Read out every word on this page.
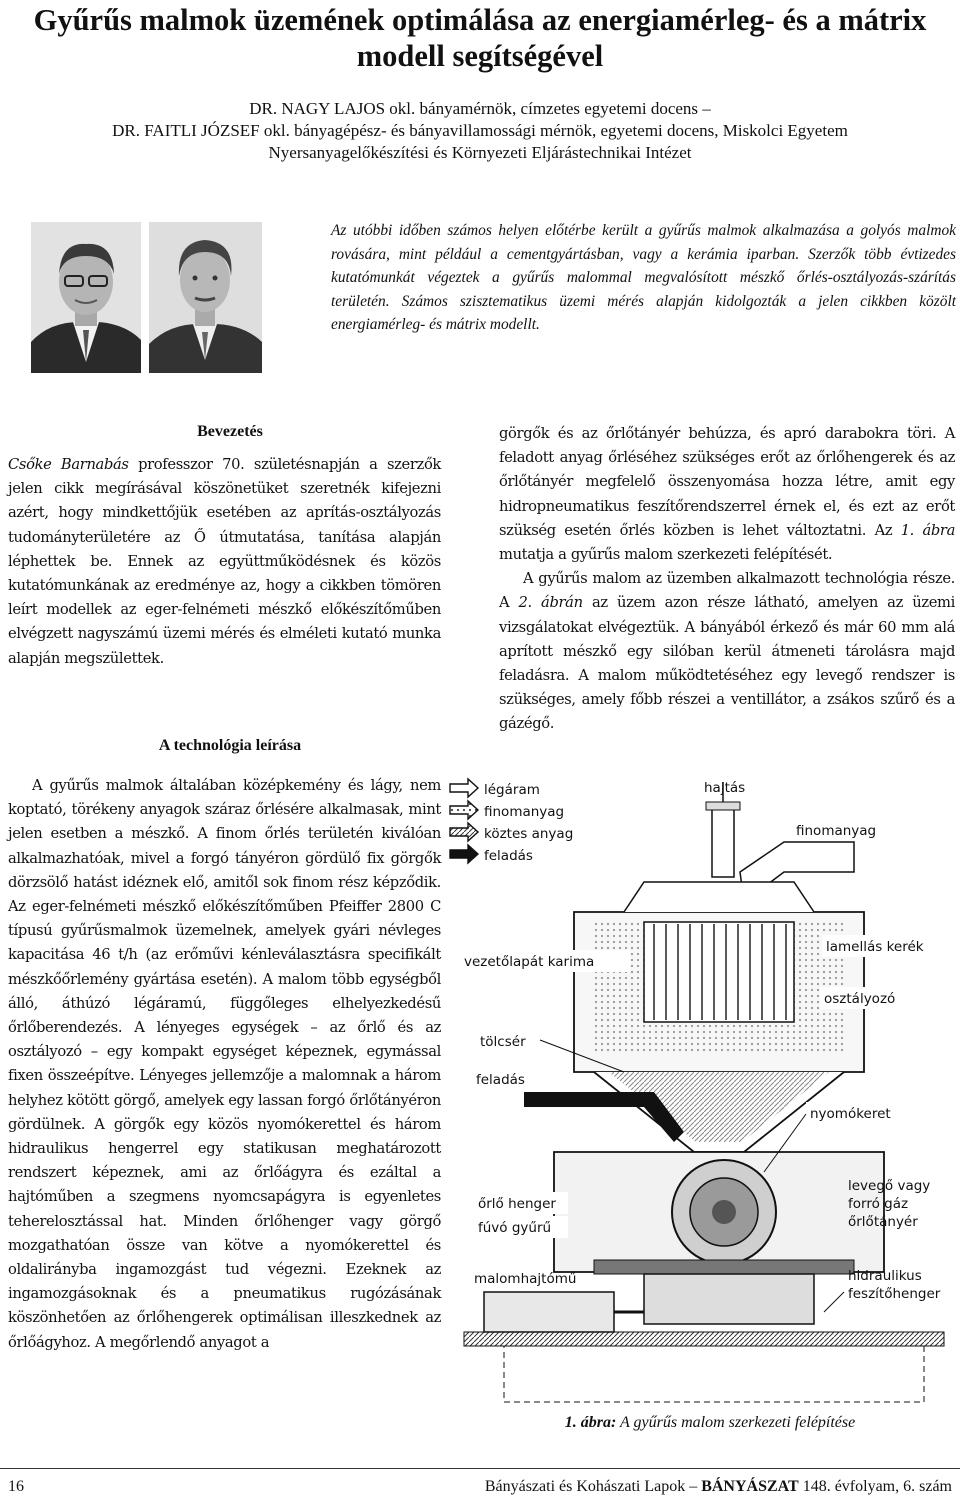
Gyűrűs malmok üzemének optimálása az energiamérleg- és a mátrix modell segítségével
DR. NAGY LAJOS okl. bányamérnök, címzetes egyetemi docens –
DR. FAITLI JÓZSEF okl. bányagépész- és bányavillamossági mérnök, egyetemi docens, Miskolci Egyetem
Nyersanyagelőkészítési és Környezeti Eljárástechnikai Intézet
Az utóbbi időben számos helyen előtérbe került a gyűrűs malmok alkalmazása a golyós malmok rovására, mint például a cementgyártásban, vagy a kerámia iparban. Szerzők több évtizedes kutatómunkát végeztek a gyűrűs malommal megvalósított mészkő őrlés-osztályozás-szárítás területén. Számos szisztematikus üzemi mérés alapján kidolgozták a jelen cikkben közölt energiamérleg- és mátrix modellt.
Bevezetés

Csőke Barnabás professzor 70. születésnapján a szerzők jelen cikk megírásával köszönetüket szeretnék kifejezni azért, hogy mindkettőjük esetében az aprítás-osztályozás tudományterületére az Ő útmutatása, tanítása alapján léphettek be. Ennek az együttműködésnek és közös kutatómunkának az eredménye az, hogy a cikkben tömören leírt modellek az eger-felnémeti mészkő előkészítőműben elvégzett nagyszámú üzemi mérés és elméleti kutató munka alapján megszülettek.

A technológia leírása

A gyűrűs malmok általában középkemény és lágy, nem koptató, törékeny anyagok száraz őrlésére alkalmasak, mint jelen esetben a mészkő. A finom őrlés területén kiválóan alkalmazhatóak, mivel a forgó tányéron gördülő fix görgők dörzsölő hatást idéznek elő, amitől sok finom rész képződik. Az eger-felnémeti mészkő előkészítőműben Pfeiffer 2800 C típusú gyűrűsmalmok üzemelnek, amelyek gyári névleges kapacitása 46 t/h (az erőművi kénleválasztásra specifikált mészkőőrlemény gyártása esetén). A malom több egységből álló, áthúzó légáramú, függőleges elhelyezkedésű őrlőberendezés. A lényeges egységek – az őrlő és az osztályozó – egy kompakt egységet képeznek, egymással fixen összeépítve. Lényeges jellemzője a malomnak a három helyhez kötött görgő, amelyek egy lassan forgó őrlőtányéron gördülnek. A görgők egy közös nyomókerettel és három hidraulikus hengerrel egy statikusan meghatározott rendszert képeznek, ami az őrlőágyra és ezáltal a hajtóműben a szegmens nyomcsapágyra is egyenletes teherelosztással hat. Minden őrlőhenger vagy görgő mozgathatóan össze van kötve a nyomókerettel és oldalirányba ingamozgást tud végezni. Ezeknek az ingamozgásoknak és a pneumatikus rugózásának köszönhetően az őrlőhengerek optimálisan illeszkednek az őrlőágyhoz. A megőrlendő anyagot a

görgők és az őrlőtányér behúzza, és apró darabokra töri. A feladott anyag őrléséhez szükséges erőt az őrlőhengerek és az őrlőtányér megfelelő összenyomása hozza létre, amit egy hidropneumatikus feszítőrendszerrel érnek el, és ezt az erőt szükség esetén őrlés közben is lehet változtatni. Az 1. ábra mutatja a gyűrűs malom szerkezeti felépítését.

A gyűrűs malom az üzemben alkalmazott technológia része. A 2. ábrán az üzem azon része látható, amelyen az üzemi vizsgálatokat elvégeztük. A bányából érkező és már 60 mm alá aprított mészkő egy silóban kerül átmeneti tárolásra majd feladásra. A malom működtetéséhez egy levegő rendszer is szükséges, amely főbb részei a ventillátor, a zsákos szűrő és a gázégő.

légáram
finomanyag
köztes anyag
feladás
hajtás
finomanyag
lamellás kerék
vezetőlapát karima
osztályozó
tölcsér
feladás
nyomókeret
őrlő henger
fúvó gyűrű
levegő vagy
forró gáz
őrlőtányér
malomhajtómű	hidraulikus
feszítőhenger
1. ábra: A gyűrűs malom szerkezeti felépítése
16	Bányászati és Kohászati Lapok – BÁNYÁSZAT 148. évfolyam, 6. szám
